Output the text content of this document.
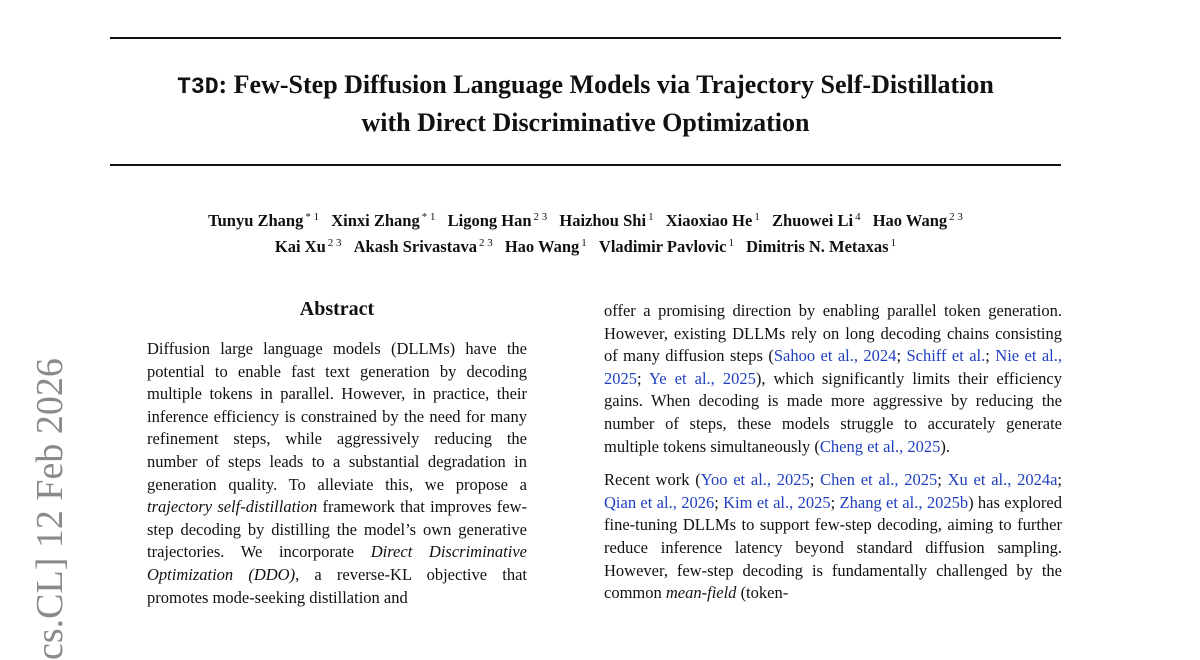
T3D: Few-Step Diffusion Language Models via Trajectory Self-Distillation
with Direct Discriminative Optimization
Tunyu Zhang $^{* 1}$ Xinxi Zhang $^{* 1}$ Ligong Han $^{2 3}$ Haizhou Shi $^1$ Xiaoxiao He $^1$ Zhuowei Li $^4$ Hao Wang $^{2 3}$
Kai Xu $^{2 3}$ Akash Srivastava $^{2 3}$ Hao Wang $^1$ Vladimir Pavlovic $^1$ Dimitris N. Metaxas $^1$
cs.CL] 12 Feb 2026
Abstract

Diffusion large language models (DLLMs) have the potential to enable fast text generation by decoding multiple tokens in parallel. However, in practice, their inference efficiency is constrained by the need for many refinement steps, while aggressively reducing the number of steps leads to a substantial degradation in generation quality. To alleviate this, we propose a trajectory self-distillation framework that improves few-step decoding by distilling the model’s own generative trajectories. We incorporate Direct Discriminative Optimization (DDO), a reverse-KL objective that promotes mode-seeking distillation and

offer a promising direction by enabling parallel token generation. However, existing DLLMs rely on long decoding chains consisting of many diffusion steps (Sahoo et al., 2024; Schiff et al.; Nie et al., 2025; Ye et al., 2025), which significantly limits their efficiency gains. When decoding is made more aggressive by reducing the number of steps, these models struggle to accurately generate multiple tokens simultaneously (Cheng et al., 2025).

Recent work (Yoo et al., 2025; Chen et al., 2025; Xu et al., 2024a; Qian et al., 2026; Kim et al., 2025; Zhang et al., 2025b) has explored fine-tuning DLLMs to support few-step decoding, aiming to further reduce inference latency beyond standard diffusion sampling. However, few-step decoding is fundamentally challenged by the common mean-field (token-
